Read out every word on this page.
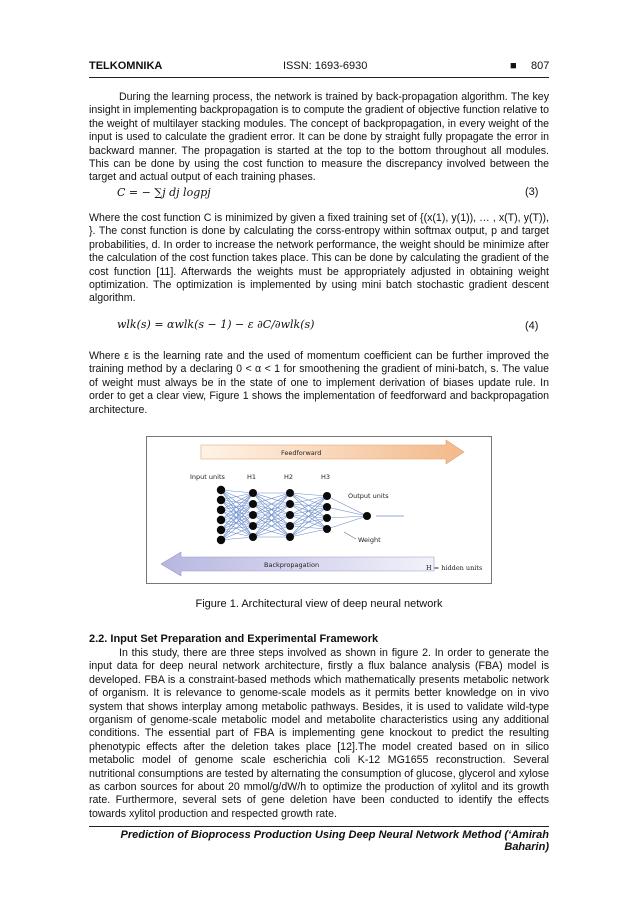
TELKOMNIKA	ISSN: 1693-6930	■ 807

During the learning process, the network is trained by back-propagation algorithm. The key insight in implementing backpropagation is to compute the gradient of objective function relative to the weight of multilayer stacking modules. The concept of backpropagation, in every weight of the input is used to calculate the gradient error. It can be done by straight fully propagate the error in backward manner. The propagation is started at the top to the bottom throughout all modules. This can be done by using the cost function to measure the discrepancy involved between the target and actual output of each training phases.

C = − ∑j dj logpj	(3)

Where the cost function C is minimized by given a fixed training set of {(x(1), y(1)), … , x(T), y(T)), }. The const function is done by calculating the corss-entropy within softmax output, p and target probabilities, d. In order to increase the network performance, the weight should be minimize after the calculation of the cost function takes place. This can be done by calculating the gradient of the cost function [11]. Afterwards the weights must be appropriately adjusted in obtaining weight optimization. The optimization is implemented by using mini batch stochastic gradient descent algorithm.

wlk(s) = αwlk(s − 1) − ε ∂C/∂wlk(s)	(4)

Where ε is the learning rate and the used of momentum coefficient can be further improved the training method by a declaring 0 < α < 1 for smoothening the gradient of mini-batch, s. The value of weight must always be in the state of one to implement derivation of biases update rule. In order to get a clear view, Figure 1 shows the implementation of feedforward and backpropagation architecture.

Feedforward
Input units	H1	H2	H3
Output units
Weight
Backpropagation	H = hidden units
Figure 1. Architectural view of deep neural network
2.2. Input Set Preparation and Experimental Framework

In this study, there are three steps involved as shown in figure 2. In order to generate the input data for deep neural network architecture, firstly a flux balance analysis (FBA) model is developed. FBA is a constraint-based methods which mathematically presents metabolic network of organism. It is relevance to genome-scale models as it permits better knowledge on in vivo system that shows interplay among metabolic pathways. Besides, it is used to validate wild-type organism of genome-scale metabolic model and metabolite characteristics using any additional conditions. The essential part of FBA is implementing gene knockout to predict the resulting phenotypic effects after the deletion takes place [12].The model created based on in silico metabolic model of genome scale escherichia coli K-12 MG1655 reconstruction. Several nutritional consumptions are tested by alternating the consumption of glucose, glycerol and xylose as carbon sources for about 20 mmol/g/dW/h to optimize the production of xylitol and its growth rate. Furthermore, several sets of gene deletion have been conducted to identify the effects towards xylitol production and respected growth rate.

Prediction of Bioprocess Production Using Deep Neural Network Method (‘Amirah Baharin)
